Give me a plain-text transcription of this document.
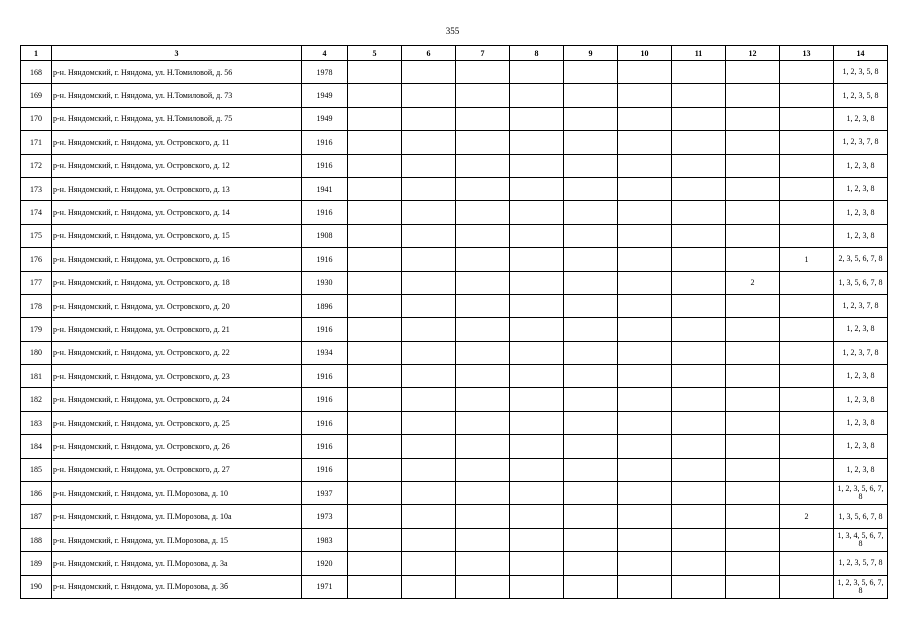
355
1	3	4	5	6	7	8	9	10	11	12	13	14
168	р-н. Няндомский, г. Няндома, ул. Н.Томиловой, д. 56	1978										1, 2, 3, 5, 8
169	р-н. Няндомский, г. Няндома, ул. Н.Томиловой, д. 73	1949										1, 2, 3, 5, 8
170	р-н. Няндомский, г. Няндома, ул. Н.Томиловой, д. 75	1949										1, 2, 3, 8
171	р-н. Няндомский, г. Няндома, ул. Островского, д. 11	1916										1, 2, 3, 7, 8
172	р-н. Няндомский, г. Няндома, ул. Островского, д. 12	1916										1, 2, 3, 8
173	р-н. Няндомский, г. Няндома, ул. Островского, д. 13	1941										1, 2, 3, 8
174	р-н. Няндомский, г. Няндома, ул. Островского, д. 14	1916										1, 2, 3, 8
175	р-н. Няндомский, г. Няндома, ул. Островского, д. 15	1908										1, 2, 3, 8
176	р-н. Няндомский, г. Няндома, ул. Островского, д. 16	1916									1	2, 3, 5, 6, 7, 8
177	р-н. Няндомский, г. Няндома, ул. Островского, д. 18	1930								2		1, 3, 5, 6, 7, 8
178	р-н. Няндомский, г. Няндома, ул. Островского, д. 20	1896										1, 2, 3, 7, 8
179	р-н. Няндомский, г. Няндома, ул. Островского, д. 21	1916										1, 2, 3, 8
180	р-н. Няндомский, г. Няндома, ул. Островского, д. 22	1934										1, 2, 3, 7, 8
181	р-н. Няндомский, г. Няндома, ул. Островского, д. 23	1916										1, 2, 3, 8
182	р-н. Няндомский, г. Няндома, ул. Островского, д. 24	1916										1, 2, 3, 8
183	р-н. Няндомский, г. Няндома, ул. Островского, д. 25	1916										1, 2, 3, 8
184	р-н. Няндомский, г. Няндома, ул. Островского, д. 26	1916										1, 2, 3, 8
185	р-н. Няндомский, г. Няндома, ул. Островского, д. 27	1916										1, 2, 3, 8
186	р-н. Няндомский, г. Няндома, ул. П.Морозова, д. 10	1937										1, 2, 3, 5, 6, 7, 8
187	р-н. Няндомский, г. Няндома, ул. П.Морозова, д. 10а	1973									2	1, 3, 5, 6, 7, 8
188	р-н. Няндомский, г. Няндома, ул. П.Морозова, д. 15	1983										1, 3, 4, 5, 6, 7, 8
189	р-н. Няндомский, г. Няндома, ул. П.Морозова, д. 3а	1920										1, 2, 3, 5, 7, 8
190	р-н. Няндомский, г. Няндома, ул. П.Морозова, д. 3б	1971										1, 2, 3, 5, 6, 7, 8
